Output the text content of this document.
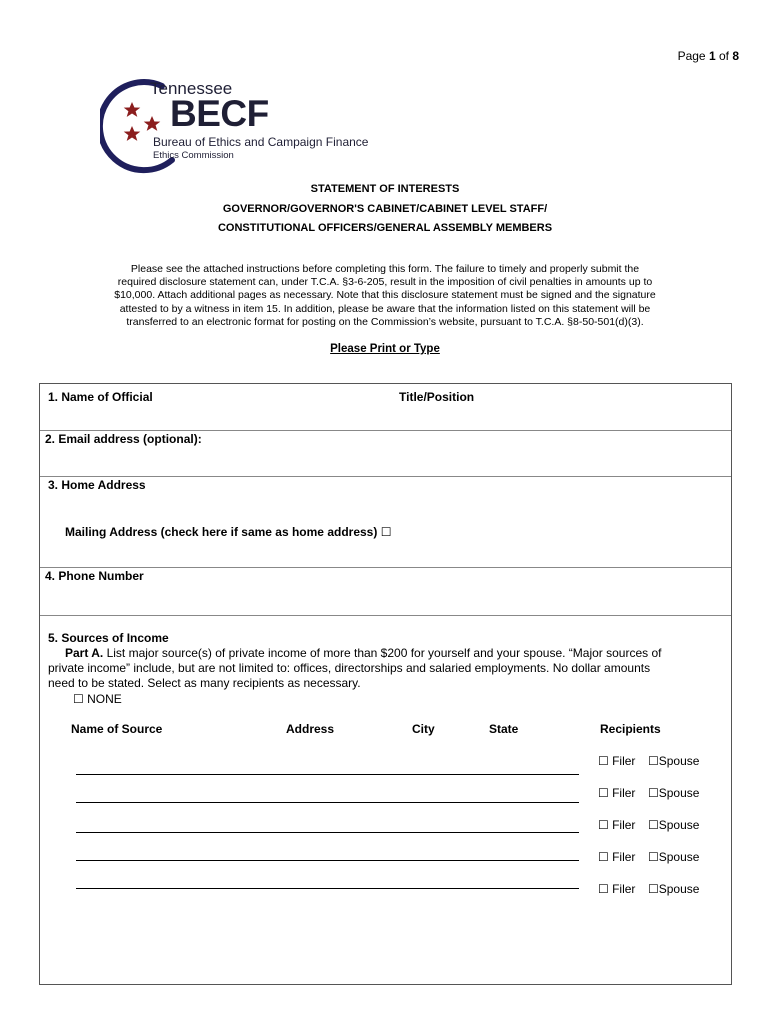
Page 1 of 8
Tennessee
BECF
Bureau of Ethics and Campaign Finance
Ethics Commission
STATEMENT OF INTERESTS
GOVERNOR/GOVERNOR'S CABINET/CABINET LEVEL STAFF/
CONSTITUTIONAL OFFICERS/GENERAL ASSEMBLY MEMBERS
Please see the attached instructions before completing this form. The failure to timely and properly submit the
required disclosure statement can, under T.C.A. §3-6-205, result in the imposition of civil penalties in amounts up to
$10,000. Attach additional pages as necessary. Note that this disclosure statement must be signed and the signature
attested to by a witness in item 15. In addition, please be aware that the information listed on this statement will be
transferred to an electronic format for posting on the Commission’s website, pursuant to T.C.A. §8-50-501(d)(3).
Please Print or Type
1. Name of Official	Title/Position
2. Email address (optional):
3. Home Address
Mailing Address (check here if same as home address) ☐
4. Phone Number
5. Sources of Income
Part A. List major source(s) of private income of more than $200 for yourself and your spouse. “Major sources of
private income” include, but are not limited to: offices, directorships and salaried employments. No dollar amounts
need to be stated. Select as many recipients as necessary.
☐ NONE
Name of Source	Address	City	State	Recipients
☐ Filer ☐Spouse
☐ Filer ☐Spouse
☐ Filer ☐Spouse
☐ Filer ☐Spouse
☐ Filer ☐Spouse
